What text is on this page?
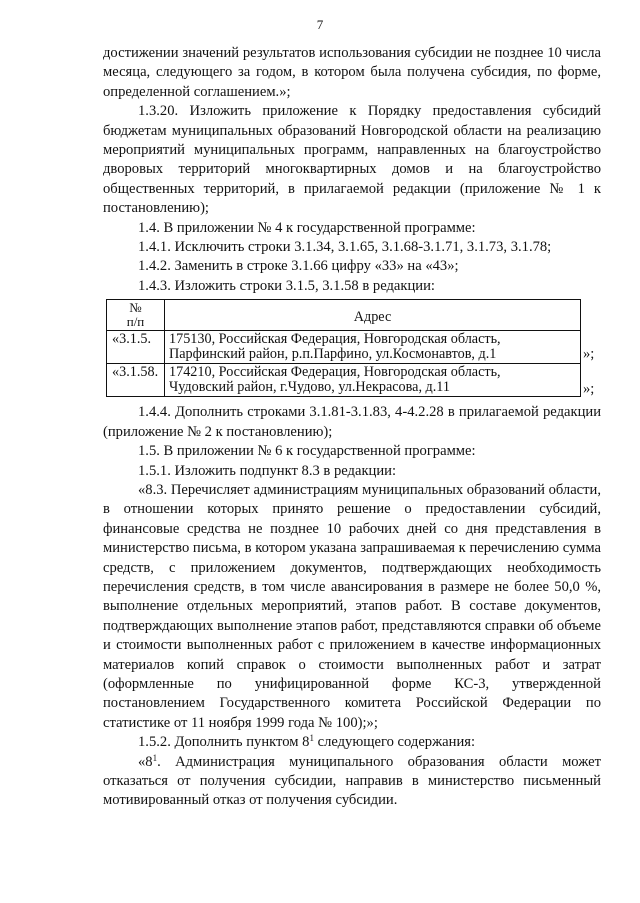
7

достижении значений результатов использования субсидии не позднее 10 числа месяца, следующего за годом, в котором была получена субсидия, по форме, определенной соглашением.»;

1.3.20. Изложить приложение к Порядку предоставления субсидий бюджетам муниципальных образований Новгородской области на реализацию мероприятий муниципальных программ, направленных на благоустройство дворовых территорий многоквартирных домов и на благоустройство общественных территорий, в прилагаемой редакции (приложение № 1 к постановлению);

1.4. В приложении № 4 к государственной программе:

1.4.1. Исключить строки 3.1.34, 3.1.65, 3.1.68-3.1.71, 3.1.73, 3.1.78;

1.4.2. Заменить в строке 3.1.66 цифру «33» на «43»;

1.4.3. Изложить строки 3.1.5, 3.1.58 в редакции:

№
п/п	Адрес
«3.1.5.	175130, Российская Федерация, Новгородская область,
Парфинский район, р.п.Парфино, ул.Космонавтов, д.1
«3.1.58.	174210, Российская Федерация, Новгородская область,
Чудовский район, г.Чудово, ул.Некрасова, д.11
»;
»;

1.4.4. Дополнить строками 3.1.81-3.1.83, 4-4.2.28 в прилагаемой редакции (приложение № 2 к постановлению);

1.5. В приложении № 6 к государственной программе:

1.5.1. Изложить подпункт 8.3 в редакции:

«8.3. Перечисляет администрациям муниципальных образований области, в отношении которых принято решение о предоставлении субсидий, финансовые средства не позднее 10 рабочих дней со дня представления в министерство письма, в котором указана запрашиваемая к перечислению сумма средств, с приложением документов, подтверждающих необходимость перечисления средств, в том числе авансирования в размере не более 50,0 %, выполнение отдельных мероприятий, этапов работ. В составе документов, подтверждающих выполнение этапов работ, представляются справки об объеме и стоимости выполненных работ с приложением в качестве информационных материалов копий справок о стоимости выполненных работ и затрат (оформленные по унифицированной форме КС-3, утвержденной постановлением Государственного комитета Российской Федерации по статистике от 11 ноября 1999 года № 100);»;

1.5.2. Дополнить пунктом $8^1$ следующего содержания:

«$8^1$. Администрация муниципального образования области может отказаться от получения субсидии, направив в министерство письменный мотивированный отказ от получения субсидии.
